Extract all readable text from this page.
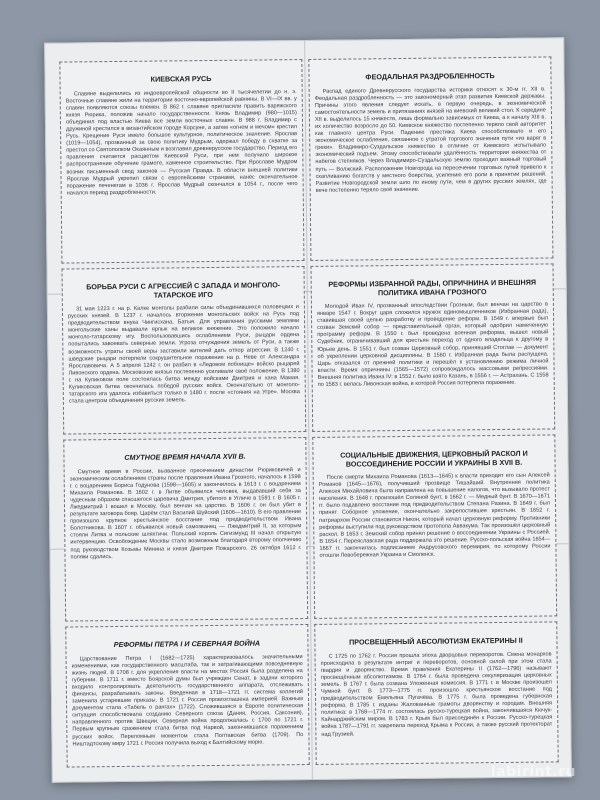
КИЕВСКАЯ РУСЬ

Славяне выделились из индоевропейской общности во II тысячелетии до н. э. Восточные славяне жили на территории восточно-европейской равнины. В VI—IX вв. у славян появляются союзы племен. В 862 г. славяне пригласили править варяжского князя Рюрика, положив начало государственности. Князь Владимир (980—1015) объединил под властью Киева все земли восточных славян. В 988 г. Владимир с дружиной крестился в византийском городе Корсуне, а затем «огнем и мечом» крестил Русь. Крещение Руси имело большое культурное, политическое значение. Ярослав (1019—1054), прозванный за свою политику Мудрым, одержал победу в схватке за престол со Святополком Окаянным и возглавил древнерусское государство. Период его правления считается расцветом Киевской Руси, при нем получило широкое распространение обучение грамоте, каменное строительство. При Ярославе Мудром возник письменный свод законов — Русская Правда. В области внешней политики Ярослав Мудрый укрепил связи с европейскими странами, нанёс окончательное поражение печенегам в 1036 г. Ярослав Мудрый скончался в 1054 г., после чего начался период раздробленности.

ФЕОДАЛЬНАЯ РАЗДРОБЛЕННОСТЬ

Распад единого Древнерусского государства историки относят к 30-м гг. XII в. Феодальная раздробленность — это закономерный этап развития Киевской державы. Причины этого явления следует искать, в первую очередь, в экономической самостоятельности земель и притязаниях князей на киевский великий стол. К середине XII в. выделилось 15 княжеств, лишь формально зависимых от Киева, а к началу XIII в. их количество возросло до 50. Киевское княжество постепенно теряло свой авторитет как главного центра Руси. Падению престижа Киева способствовало и его экономическое ослабление, связанное с утратой торгового значения пути «из варяг в греки». Владимиро-Суздальское княжество в отличие от Киевского испытывало экономический подъем. Этому способствовали удалённость территории княжества от набегов степняков. Через Владимиро-Суздальскую землю проходил важный торговый путь — Волжский. Расположение Новгорода на пересечении торговых путей привело к скапливанию богатств у местного боярства, усилению его роли в принятии решений. Развитие Новгородской земли шло по иному пути, чем в других русских землях, где вече постепенно теряло своё значение.

БОРЬБА РУСИ С АГРЕССИЕЙ С ЗАПАДА И МОНГОЛО-ТАТАРСКОЕ ИГО

31 мая 1223 г. на р. Калке монголы разбили силы объединившихся половецких и русских князей. В 1237 г. началось вторжение монгольских войск на Русь под предводительством внука Чингисхана, Батыя. Для управления русскими землями монгольские ханы выдавали ярлык на великое княжение. Это положило начало монголо-татарскому игу. Воспользовавшись ослаблением Руси, рыцари ордена попытались завоевать северные земли. Угроза отчуждения земель от Руси, а также возможность утраты своей веры заставили жителей дать отпор агрессии. В 1240 г. шведские рыцари потерпели сокрушительное поражение на р. Неве от Александра Ярославовича. А 5 апреля 1242 г. он разбил в «Ледовом побоище» войско рыцарей Ливонского ордена. Московские князья постепенно усиливали своё положение. В 1380 г. на Куликовом поле состоялась битва между войсками Дмитрия и хана Мамая. Куликовская битва окончилась победой русских войск. Окончательно от монголо-татарского ига удалось избавиться только в 1480 г. после «стояния на Угре». Москва стала центром объединения русских земель.

РЕФОРМЫ ИЗБРАННОЙ РАДЫ, ОПРИЧНИНА И ВНЕШНЯЯ ПОЛИТИКА ИВАНА ГРОЗНОГО

Молодой Иван IV, прозванный впоследствии Грозным, был венчан на царство в январе 1547 г. Вокруг царя сложился кружок единомышленников (Избранная рада), ставившая своей целью разработку и проведение реформ. В 1549 г. впервые был созван Земский собор — представительный орган, который одобрил намеченную программу реформ. В 1550 г. был проведена военная реформа, вышел новый Судебник, ограничивавший для крестьян переход от одного владельца к другому в Юрьев день. В 1551 г. был созван Церковный собор, принявший Стоглав — документ об укреплении церковной дисциплины. В 1560 г. Избранная рада была распущена. Царь отказался от прежней политики и перешёл к установлению режима личной власти. Время опричнины (1565—1572) сопровождалось массовыми репрессиями. Внешняя политика Ивана IV: в 1552 г. было взято Казань, в 1556 г. — Астрахань. С 1558 по 1583 г. велась Ливонская война, в которой Россия потерпела поражение.

СМУТНОЕ ВРЕМЯ НАЧАЛА XVII В.

Смутное время в России, вызванное пресечением династии Рюриковичей и экономическим ослаблением страны после правления Ивана Грозного, началось в 1598 г. с воцарением Бориса Годунова (1598—1605) и закончилось в 1613 г. с воцарением Михаила Романова. В 1602 г. в Литве объявился человек, выдававший себя за чудесным образом спасшегося царевича Дмитрия, убитого в Угличе в 1591 г. В 1605 г. Лжедмитрий I вошел в Москву, был венчан на царство. В 1606 г. он был убит в результате заговора бояр. Царём стал Василий Шуйский (1606—1610). В его правление произошло крупное крестьянское восстание под предводительством Ивана Болотникова. В 1607 г. объявился новый самозванец — Лжедмитрий II, за которым стояли Литва и польские шляхтичи. Польский король Сигизмунд III начал открытую интервенцию. Освобождение Москвы стало возможным благодаря второму ополчению под руководством Козьмы Минина и князя Дмитрия Пожарского. 26 октября 1612 г. поляки сдались.

СОЦИАЛЬНЫЕ ДВИЖЕНИЯ, ЦЕРКОВНЫЙ РАСКОЛ И ВОССОЕДИНЕНИЕ РОССИИ И УКРАИНЫ В XVII В.

После смерти Михаила Романова (1613—1645) к власти приходит его сын Алексей Романов (1645—1676), получивший прозвище Тишайший. Внутренняя политика Алексея Михайловича была направлена на повышение налогов, что вызывало протест населения. В 1648 г. произошёл Соляной бунт, в 1662 г. — Медный бунт. В 1670—1671 гг. было подавлено восстание под предводительством Степана Разина. В 1649 г. был принят Соборное уложение, окончательно закрепостившее крестьян. В 1652 г. патриархом России становится Никон, который начал церковную реформу. Противники реформы выступили под руководством протопопа Аввакума. Так произошёл церковный раскол. В 1653 г. Земский собор принял решение о воссоединении Украины с Россией. В 1654 г. Переяславская рада поддержала это решение. Русско-польская война 1654—1667 гг. закончилась подписанием Андрусовского перемирия, по которому России отошли Левобережная Украина и Смоленск.

РЕФОРМЫ ПЕТРА I И СЕВЕРНАЯ ВОЙНА

Царствование Петра I (1682—1725) характеризовалось значительными изменениями, как государственного масштаба, так и затрагивающими повседневную жизнь людей. В 1708 г. для укрепления власти на местах Россия была разделена на губернии. В 1711 г. вместо Боярской думы был учрежден Сенат, в задачи которого входило контролировать деятельность государственного аппарата, отслеживать финансы, разрабатывать законы. Введенная в 1718—1721 гг. система коллегий заменила устаревшие приказы. В 1721 г. Россия провозглашена империей. Важным документом стала «Табель о рангах» (1722). Сложившаяся в Европе политическая ситуация способствовала созданию Северного союза (Дания, Россия, Саксония), направленного против Швеции. Северная война продолжалась с 1700 по 1721 г. Первым крупным сражением стала битва под Нарвой, закончившаяся поражением русских войск. Переломным моментом стала Полтавская битва (1709). По Ништадтскому миру 1721 г. Россия получила выход к Балтийскому морю.

ПРОСВЕЩЕННЫЙ АБСОЛЮТИЗМ ЕКАТЕРИНЫ II

С 1725 по 1762 г. Россия прошла эпоха дворцовых переворотов. Смена монархов происходила в результате интриг и переворотов, основной силой при этом стала гвардия и дворянство. Время правления Екатерины II (1762—1796) называют просвещённым абсолютизмом. В 1764 г. была проведена секуляризация церковных земель. В 1767 г. была созвана Уложенная комиссия. В 1771 г. в Москве произошел Чумной бунт. В 1773—1775 гг. произошло крестьянское восстание под предводительством Емельяна Пугачёва. В 1775 г. была проведена губернская реформа. В 1785 г. изданы Жалованные грамоты дворянству и городам. Внешняя политика: в 1768—1774 гг. состоялась русско-турецкая война, закончившаяся Кючук-Кайнарджийским миром. В 1783 г. Крым был присоединён к России. Русско-турецкая война 1787—1791 гг. закрепила переход Крыма к России, а также русский протекторат над Грузией.

labirint.ru
